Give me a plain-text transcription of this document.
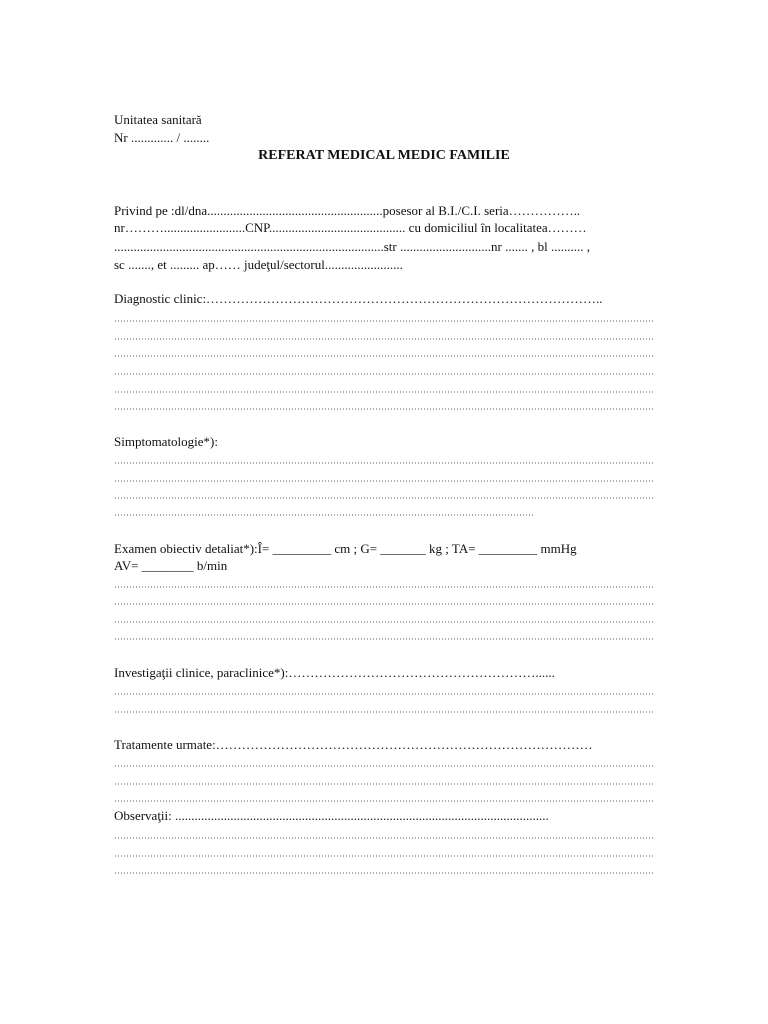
Unitatea sanitară
Nr ............. / ........
REFERAT MEDICAL MEDIC FAMILIE
Privind pe :dl/dna......................................................posesor al B.I./C.I. seria……………..
nr……….........................CNP.......................................... cu domiciliul în localitatea………
...................................................................................str ............................nr ....... , bl .......... ,
sc ......., et ......... ap…… judeţul/sectorul........................
Diagnostic clinic:………………………………………………………………………………..
Simptomatologie*):
Examen obiectiv detaliat*):Î= _________ cm ; G= _______ kg ; TA= _________ mmHg
AV= ________ b/min
Investigaţii clinice, paraclinice*):…………………………………………………......
Tratamente urmate:……………………………………………………………………………
Observaţii: ...................................................................................................................
